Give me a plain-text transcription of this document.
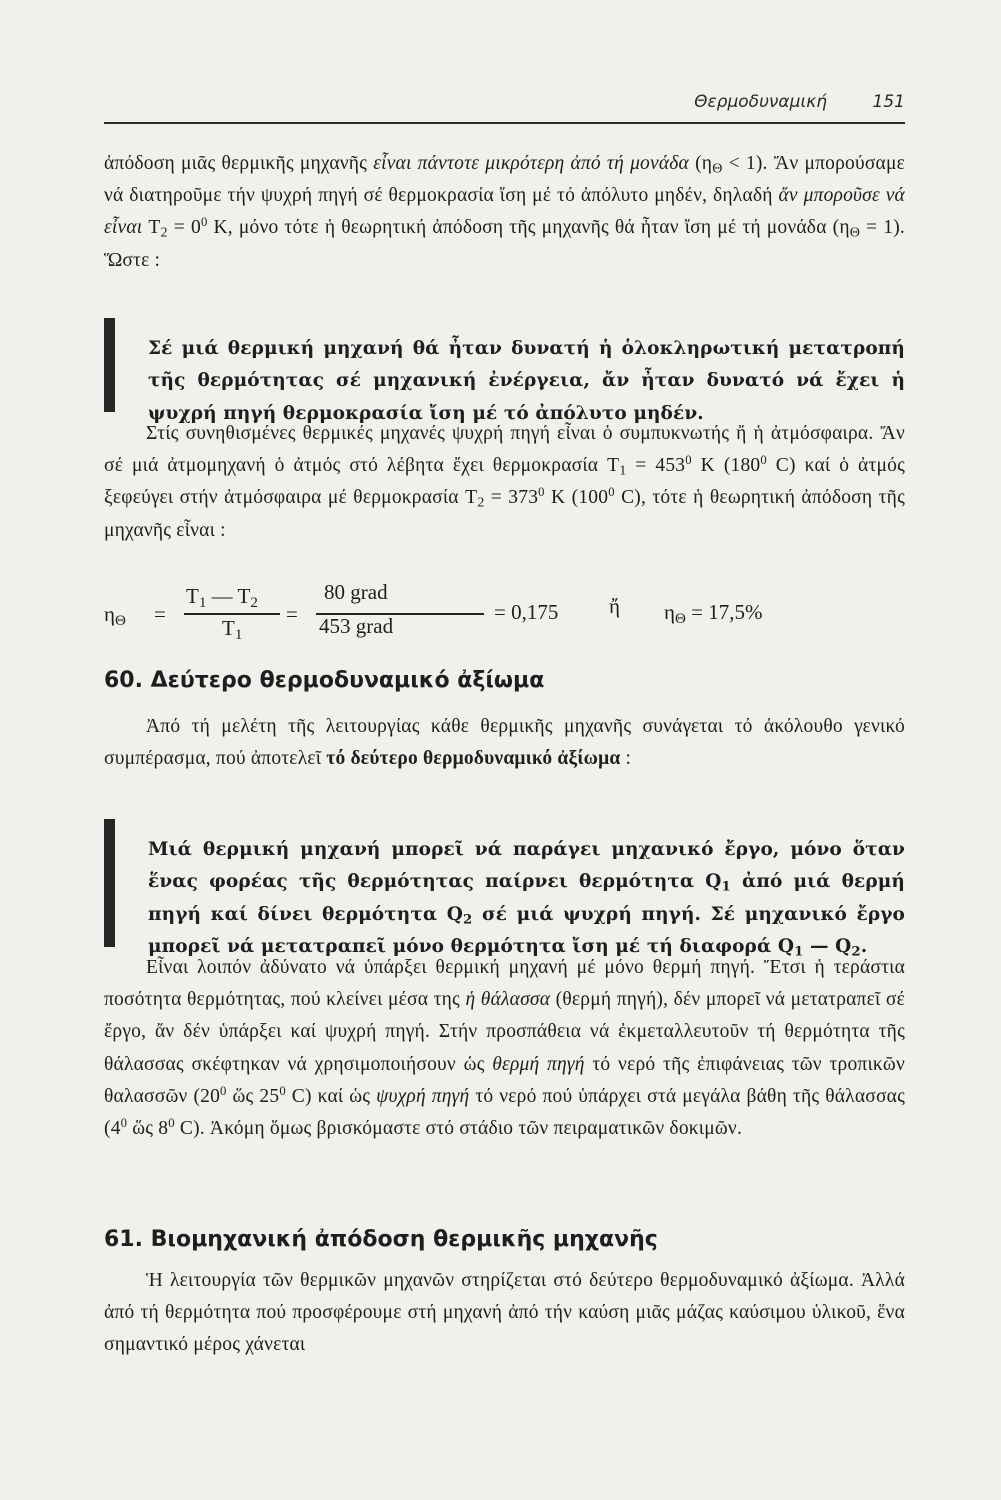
Θερμοδυναμική	151

ἀπόδοση μιᾶς θερμικῆς μηχανῆς εἶναι πάντοτε μικρότερη ἀπό τή μονάδα $(\eta_\Theta < 1)$. Ἄν μπορούσαμε νά διατηροῦμε τήν ψυχρή πηγή σέ θερμοκρασία ἴση μέ τό ἀπόλυτο μηδέν, δηλαδή ἄν μποροῦσε νά εἶναι $T_2 = 0^0$ K, μόνο τότε ἡ θεωρητική ἀπόδοση τῆς μηχανῆς θά ἦταν ἴση μέ τή μονάδα $(\eta_\Theta = 1)$. Ὥστε :

Σέ μιά θερμική μηχανή θά ἦταν δυνατή ἡ ὁλοκληρωτική μετατροπή τῆς θερμότητας σέ μηχανική ἐνέργεια, ἄν ἦταν δυνατό νά ἔχει ἡ ψυχρή πηγή θερμοκρασία ἴση μέ τό ἀπόλυτο μηδέν.

Στίς συνηθισμένες θερμικές μηχανές ψυχρή πηγή εἶναι ὁ συμπυκνωτής ἤ ἡ ἀτμόσφαιρα. Ἄν σέ μιά ἀτμομηχανή ὁ ἀτμός στό λέβητα ἔχει θερμοκρασία $T_1 = 453^0$ K ($180^0$ C) καί ὁ ἀτμός ξεφεύγει στήν ἀτμόσφαιρα μέ θερμοκρασία $T_2 = 373^0$ K ($100^0$ C), τότε ἡ θεωρητική ἀπόδοση τῆς μηχανῆς εἶναι :

$\eta_\Theta$ =
$T_1$ — $T_2$
$T_1$
=
80 grad
453 grad
= 0,175 ἤ $\eta_\Theta = 17,5\%$
60. Δεύτερο θερμοδυναμικό ἀξίωμα

Ἀπό τή μελέτη τῆς λειτουργίας κάθε θερμικῆς μηχανῆς συνάγεται τό ἀκόλουθο γενικό συμπέρασμα, πού ἀποτελεῖ τό δεύτερο θερμοδυναμικό ἀξίωμα :

Μιά θερμική μηχανή μπορεῖ νά παράγει μηχανικό ἔργο, μόνο ὅταν ἕνας φορέας τῆς θερμότητας παίρνει θερμότητα $Q_1$ ἀπό μιά θερμή πηγή καί δίνει θερμότητα $Q_2$ σέ μιά ψυχρή πηγή. Σέ μηχανικό ἔργο μπορεῖ νά μετατραπεῖ μόνο θερμότητα ἴση μέ τή διαφορά $Q_1$ — $Q_2$.

Εἶναι λοιπόν ἀδύνατο νά ὑπάρξει θερμική μηχανή μέ μόνο θερμή πηγή. Ἔτσι ἡ τεράστια ποσότητα θερμότητας, πού κλείνει μέσα της ἡ θάλασσα (θερμή πηγή), δέν μπορεῖ νά μετατραπεῖ σέ ἔργο, ἄν δέν ὑπάρξει καί ψυχρή πηγή. Στήν προσπάθεια νά ἐκμεταλλευτοῦν τή θερμότητα τῆς θάλασσας σκέφτηκαν νά χρησιμοποιήσουν ὡς θερμή πηγή τό νερό τῆς ἐπιφάνειας τῶν τροπικῶν θαλασσῶν ($20^0$ ὥς $25^0$ C) καί ὡς ψυχρή πηγή τό νερό πού ὑπάρχει στά μεγάλα βάθη τῆς θάλασσας ($4^0$ ὥς $8^0$ C). Ἀκόμη ὅμως βρισκόμαστε στό στάδιο τῶν πειραματικῶν δοκιμῶν.

61. Βιομηχανική ἀπόδοση θερμικῆς μηχανῆς

Ἡ λειτουργία τῶν θερμικῶν μηχανῶν στηρίζεται στό δεύτερο θερμοδυναμικό ἀξίωμα. Ἀλλά ἀπό τή θερμότητα πού προσφέρουμε στή μηχανή ἀπό τήν καύση μιᾶς μάζας καύσιμου ὑλικοῦ, ἕνα σημαντικό μέρος χάνεται
